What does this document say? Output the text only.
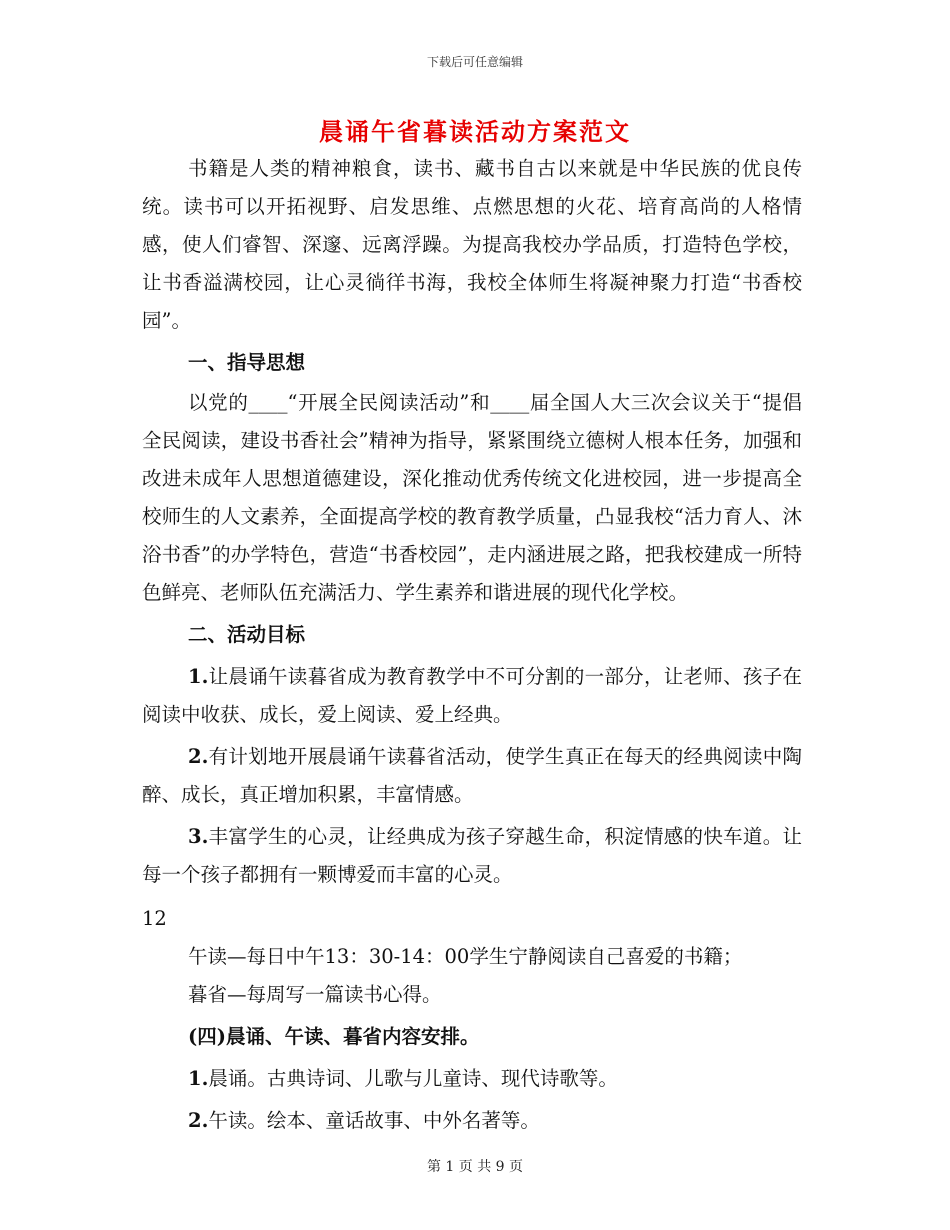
下载后可任意编辑
晨诵午省暮读活动方案范文

书籍是人类的精神粮食，读书、藏书自古以来就是中华民族的优良传统。读书可以开拓视野、启发思维、点燃思想的火花、培育高尚的人格情感，使人们睿智、深邃、远离浮躁。为提高我校办学品质，打造特色学校，让书香溢满校园，让心灵徜徉书海，我校全体师生将凝神聚力打造“书香校园”。

一、指导思想

以党的____“开展全民阅读活动”和____届全国人大三次会议关于“提倡全民阅读，建设书香社会”精神为指导，紧紧围绕立德树人根本任务，加强和改进未成年人思想道德建设，深化推动优秀传统文化进校园，进一步提高全校师生的人文素养，全面提高学校的教育教学质量，凸显我校“活力育人、沐浴书香”的办学特色，营造“书香校园”，走内涵进展之路，把我校建成一所特色鲜亮、老师队伍充满活力、学生素养和谐进展的现代化学校。

二、活动目标

1.让晨诵午读暮省成为教育教学中不可分割的一部分，让老师、孩子在阅读中收获、成长，爱上阅读、爱上经典。

2.有计划地开展晨诵午读暮省活动，使学生真正在每天的经典阅读中陶醉、成长，真正增加积累，丰富情感。

3.丰富学生的心灵，让经典成为孩子穿越生命，积淀情感的快车道。让每一个孩子都拥有一颗博爱而丰富的心灵。

12

午读—每日中午13：30-14：00学生宁静阅读自己喜爱的书籍；

暮省—每周写一篇读书心得。

(四)晨诵、午读、暮省内容安排。

1.晨诵。古典诗词、儿歌与儿童诗、现代诗歌等。

2.午读。绘本、童话故事、中外名著等。

第 1 页 共 9 页
